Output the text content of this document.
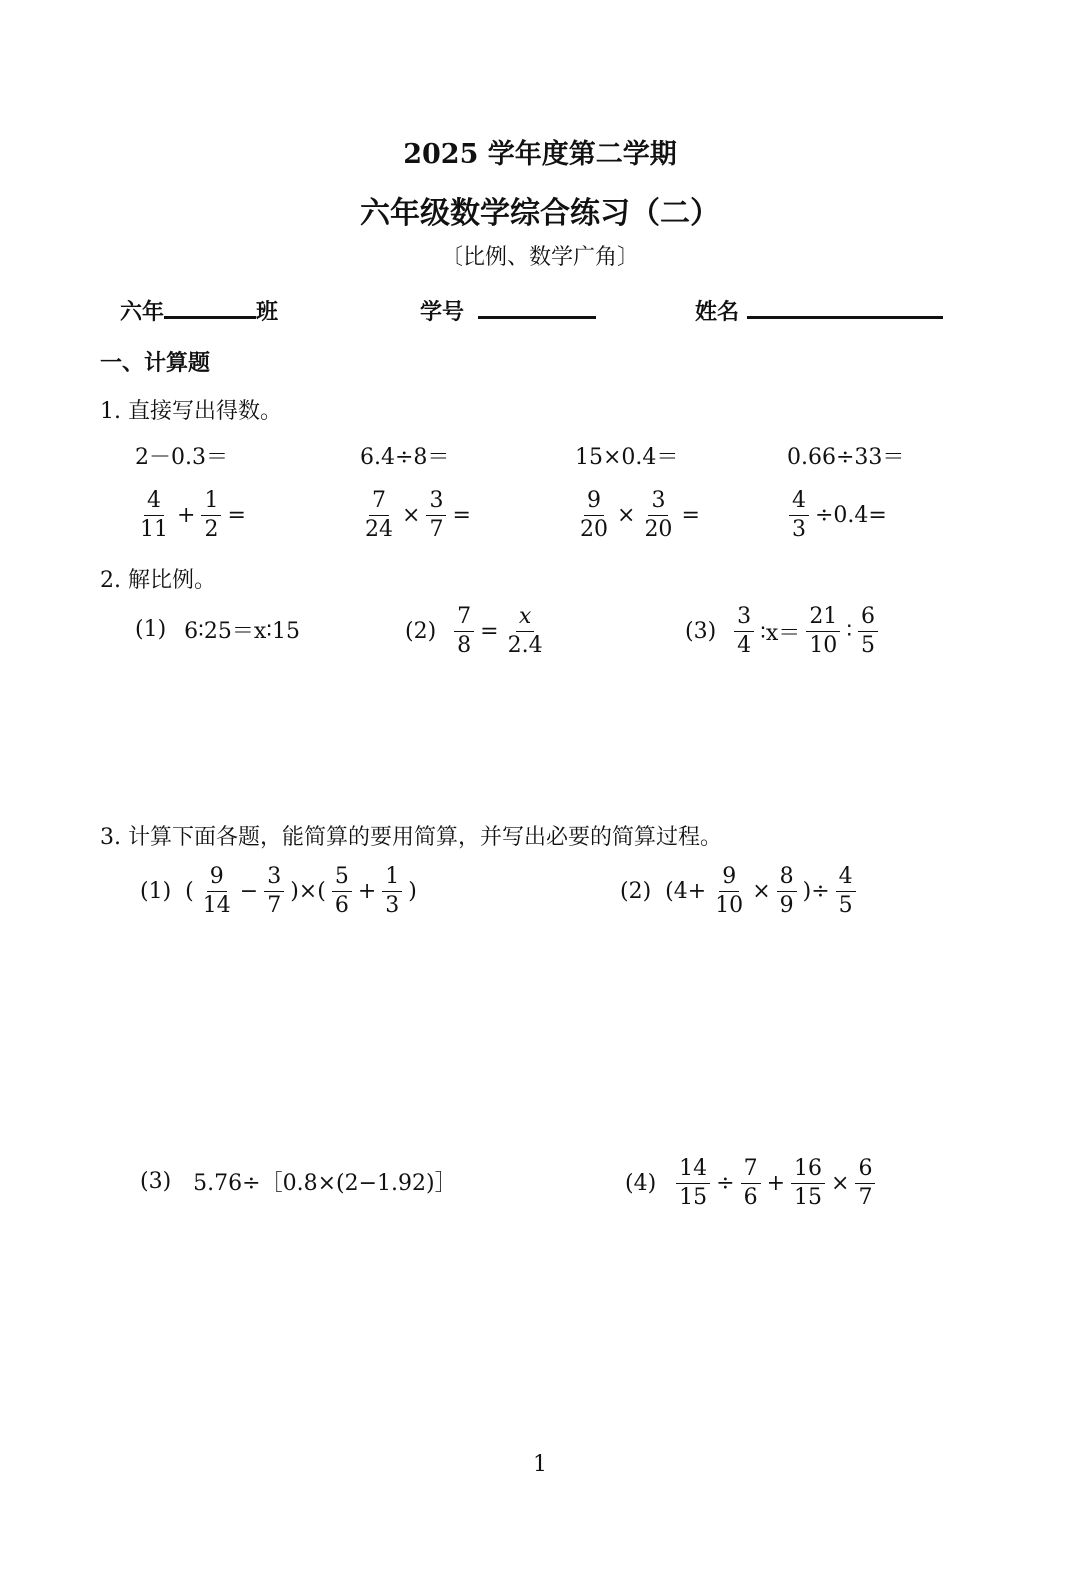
2025 学年度第二学期
六年级数学综合练习（二）
〔比例、数学广角〕
六年	班	学号	姓名
一、计算题
1. 直接写出得数。
2－0.3＝	6.4÷8＝	15×0.4＝	0.66÷33＝
$\frac{4}{11} + \frac{1}{2}$ =	$\frac{7}{24} \times \frac{3}{7}$ =	$\frac{9}{20} \times \frac{3}{20}$ =	$\frac{4}{3} \div 0.4=$
2. 解比例。
(1) 6∶25＝x∶15	$(2) \frac{7}{8} = \frac{x}{2.4}$	$(3) \frac{3}{4}$ ∶x＝ $\frac{21}{10}$ ∶ $\frac{6}{5}$
3. 计算下面各题，能简算的要用简算，并写出必要的简算过程。
(1) ( $\frac{9}{14} - \frac{3}{7}$ )×( $\frac{5}{6} + \frac{1}{3}$ )	(2) ($4+ \frac{9}{10} \times \frac{8}{9}$ )÷ $\frac{4}{5}$
(3) 5.76÷［0.8×(2−1.92)］	$(4) \frac{14}{15} \div \frac{7}{6} + \frac{16}{15} \times \frac{6}{7}$
1
